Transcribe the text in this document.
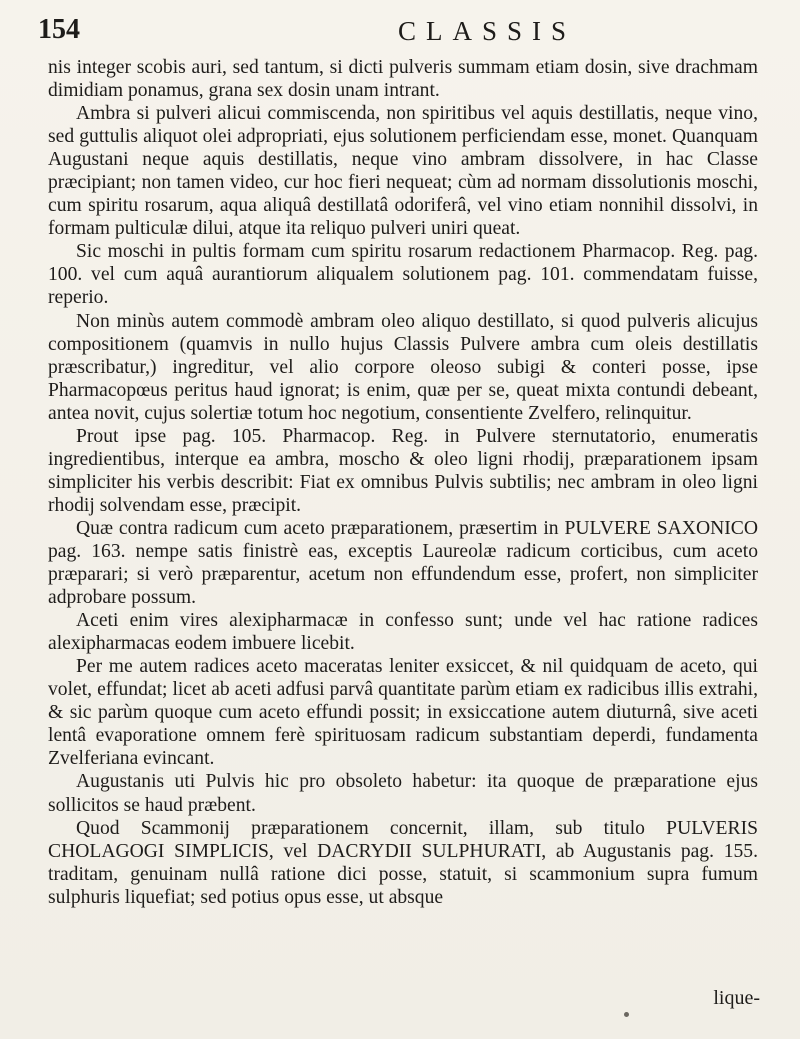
154	CLASSIS

nis integer scobis auri, sed tantum, si dicti pulveris summam etiam dosin, sive drachmam dimidiam ponamus, grana sex dosin unam intrant.

Ambra si pulveri alicui commiscenda, non spiritibus vel aquis destillatis, neque vino, sed guttulis aliquot olei adpropriati, ejus solutionem perficiendam esse, monet. Quanquam Augustani neque aquis destillatis, neque vino ambram dissolvere, in hac Classe præcipiant; non tamen video, cur hoc fieri nequeat; cùm ad normam dissolutionis moschi, cum spiritu rosarum, aqua aliquâ destillatâ odoriferâ, vel vino etiam nonnihil dissolvi, in formam pulticulæ dilui, atque ita reliquo pulveri uniri queat.

Sic moschi in pultis formam cum spiritu rosarum redactionem Pharmacop. Reg. pag. 100. vel cum aquâ aurantiorum aliqualem solutionem pag. 101. commendatam fuisse, reperio.

Non minùs autem commodè ambram oleo aliquo destillato, si quod pulveris alicujus compositionem (quamvis in nullo hujus Classis Pulvere ambra cum oleis destillatis præscribatur,) ingreditur, vel alio corpore oleoso subigi & conteri posse, ipse Pharmacopœus peritus haud ignorat; is enim, quæ per se, queat mixta contundi debeant, antea novit, cujus solertiæ totum hoc negotium, consentiente Zvelfero, relinquitur.

Prout ipse pag. 105. Pharmacop. Reg. in Pulvere sternutatorio, enumeratis ingredientibus, interque ea ambra, moscho & oleo ligni rhodij, præparationem ipsam simpliciter his verbis describit: Fiat ex omnibus Pulvis subtilis; nec ambram in oleo ligni rhodij solvendam esse, præcipit.

Quæ contra radicum cum aceto præparationem, præsertim in PULVERE SAXONICO pag. 163. nempe satis finistrè eas, exceptis Laureolæ radicum corticibus, cum aceto præparari; si verò præparentur, acetum non effundendum esse, profert, non simpliciter adprobare possum.

Aceti enim vires alexipharmacæ in confesso sunt; unde vel hac ratione radices alexipharmacas eodem imbuere licebit.

Per me autem radices aceto maceratas leniter exsiccet, & nil quidquam de aceto, qui volet, effundat; licet ab aceti adfusi parvâ quantitate parùm etiam ex radicibus illis extrahi, & sic parùm quoque cum aceto effundi possit; in exsiccatione autem diuturnâ, sive aceti lentâ evaporatione omnem ferè spirituosam radicum substantiam deperdi, fundamenta Zvelferiana evincant.

Augustanis uti Pulvis hic pro obsoleto habetur: ita quoque de præparatione ejus sollicitos se haud præbent.

Quod Scammonij præparationem concernit, illam, sub titulo PULVERIS CHOLAGOGI SIMPLICIS, vel DACRYDII SULPHURATI, ab Augustanis pag. 155. traditam, genuinam nullâ ratione dici posse, statuit, si scammonium supra fumum sulphuris liquefiat; sed potius opus esse, ut absque

lique-
